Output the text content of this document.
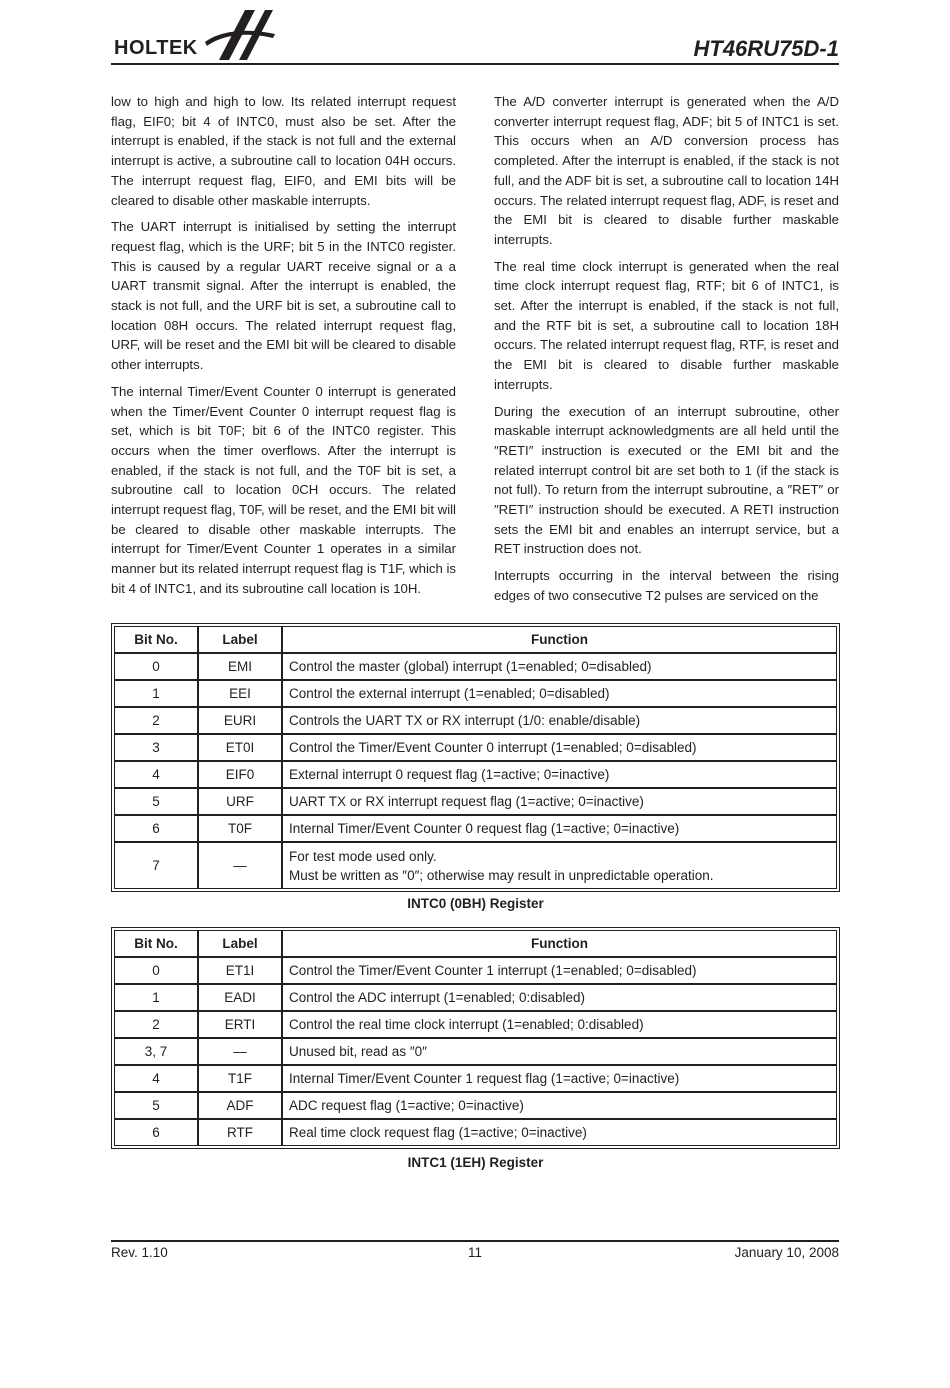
HOLTEK	HT46RU75D-1

low to high and high to low. Its related interrupt request flag, EIF0; bit 4 of INTC0, must also be set. After the interrupt is enabled, if the stack is not full and the external interrupt is active, a subroutine call to location 04H occurs. The interrupt request flag, EIF0, and EMI bits will be cleared to disable other maskable interrupts.

The UART interrupt is initialised by setting the interrupt request flag, which is the URF; bit 5 in the INTC0 register. This is caused by a regular UART receive signal or a a UART transmit signal. After the interrupt is enabled, the stack is not full, and the URF bit is set, a subroutine call to location 08H occurs. The related interrupt request flag, URF, will be reset and the EMI bit will be cleared to disable other interrupts.

The internal Timer/Event Counter 0 interrupt is generated when the Timer/Event Counter 0 interrupt request flag is set, which is bit T0F; bit 6 of the INTC0 register. This occurs when the timer overflows. After the interrupt is enabled, if the stack is not full, and the T0F bit is set, a subroutine call to location 0CH occurs. The related interrupt request flag, T0F, will be reset, and the EMI bit will be cleared to disable other maskable interrupts. The interrupt for Timer/Event Counter 1 operates in a similar manner but its related interrupt request flag is T1F, which is bit 4 of INTC1, and its subroutine call location is 10H.

The A/D converter interrupt is generated when the A/D converter interrupt request flag, ADF; bit 5 of INTC1 is set. This occurs when an A/D conversion process has completed. After the interrupt is enabled, if the stack is not full, and the ADF bit is set, a subroutine call to location 14H occurs. The related interrupt request flag, ADF, is reset and the EMI bit is cleared to disable further maskable interrupts.

The real time clock interrupt is generated when the real time clock interrupt request flag, RTF; bit 6 of INTC1, is set. After the interrupt is enabled, if the stack is not full, and the RTF bit is set, a subroutine call to location 18H occurs. The related interrupt request flag, RTF, is reset and the EMI bit is cleared to disable further maskable interrupts.

During the execution of an interrupt subroutine, other maskable interrupt acknowledgments are all held until the ″RETI″ instruction is executed or the EMI bit and the related interrupt control bit are set both to 1 (if the stack is not full). To return from the interrupt subroutine, a ″RET″ or ″RETI″ instruction should be executed. A RETI instruction sets the EMI bit and enables an interrupt service, but a RET instruction does not.

Interrupts occurring in the interval between the rising edges of two consecutive T2 pulses are serviced on the

Bit No.	Label	Function
0	EMI	Control the master (global) interrupt (1=enabled; 0=disabled)
1	EEI	Control the external interrupt (1=enabled; 0=disabled)
2	EURI	Controls the UART TX or RX interrupt (1/0: enable/disable)
3	ET0I	Control the Timer/Event Counter 0 interrupt (1=enabled; 0=disabled)
4	EIF0	External interrupt 0 request flag (1=active; 0=inactive)
5	URF	UART TX or RX interrupt request flag (1=active; 0=inactive)
6	T0F	Internal Timer/Event Counter 0 request flag (1=active; 0=inactive)
7	—	For test mode used only.
Must be written as ″0″; otherwise may result in unpredictable operation.
INTC0 (0BH) Register
Bit No.	Label	Function
0	ET1I	Control the Timer/Event Counter 1 interrupt (1=enabled; 0=disabled)
1	EADI	Control the ADC interrupt (1=enabled; 0:disabled)
2	ERTI	Control the real time clock interrupt (1=enabled; 0:disabled)
3, 7	—	Unused bit, read as ″0″
4	T1F	Internal Timer/Event Counter 1 request flag (1=active; 0=inactive)
5	ADF	ADC request flag (1=active; 0=inactive)
6	RTF	Real time clock request flag (1=active; 0=inactive)
INTC1 (1EH) Register
Rev. 1.10	11	January 10, 2008
